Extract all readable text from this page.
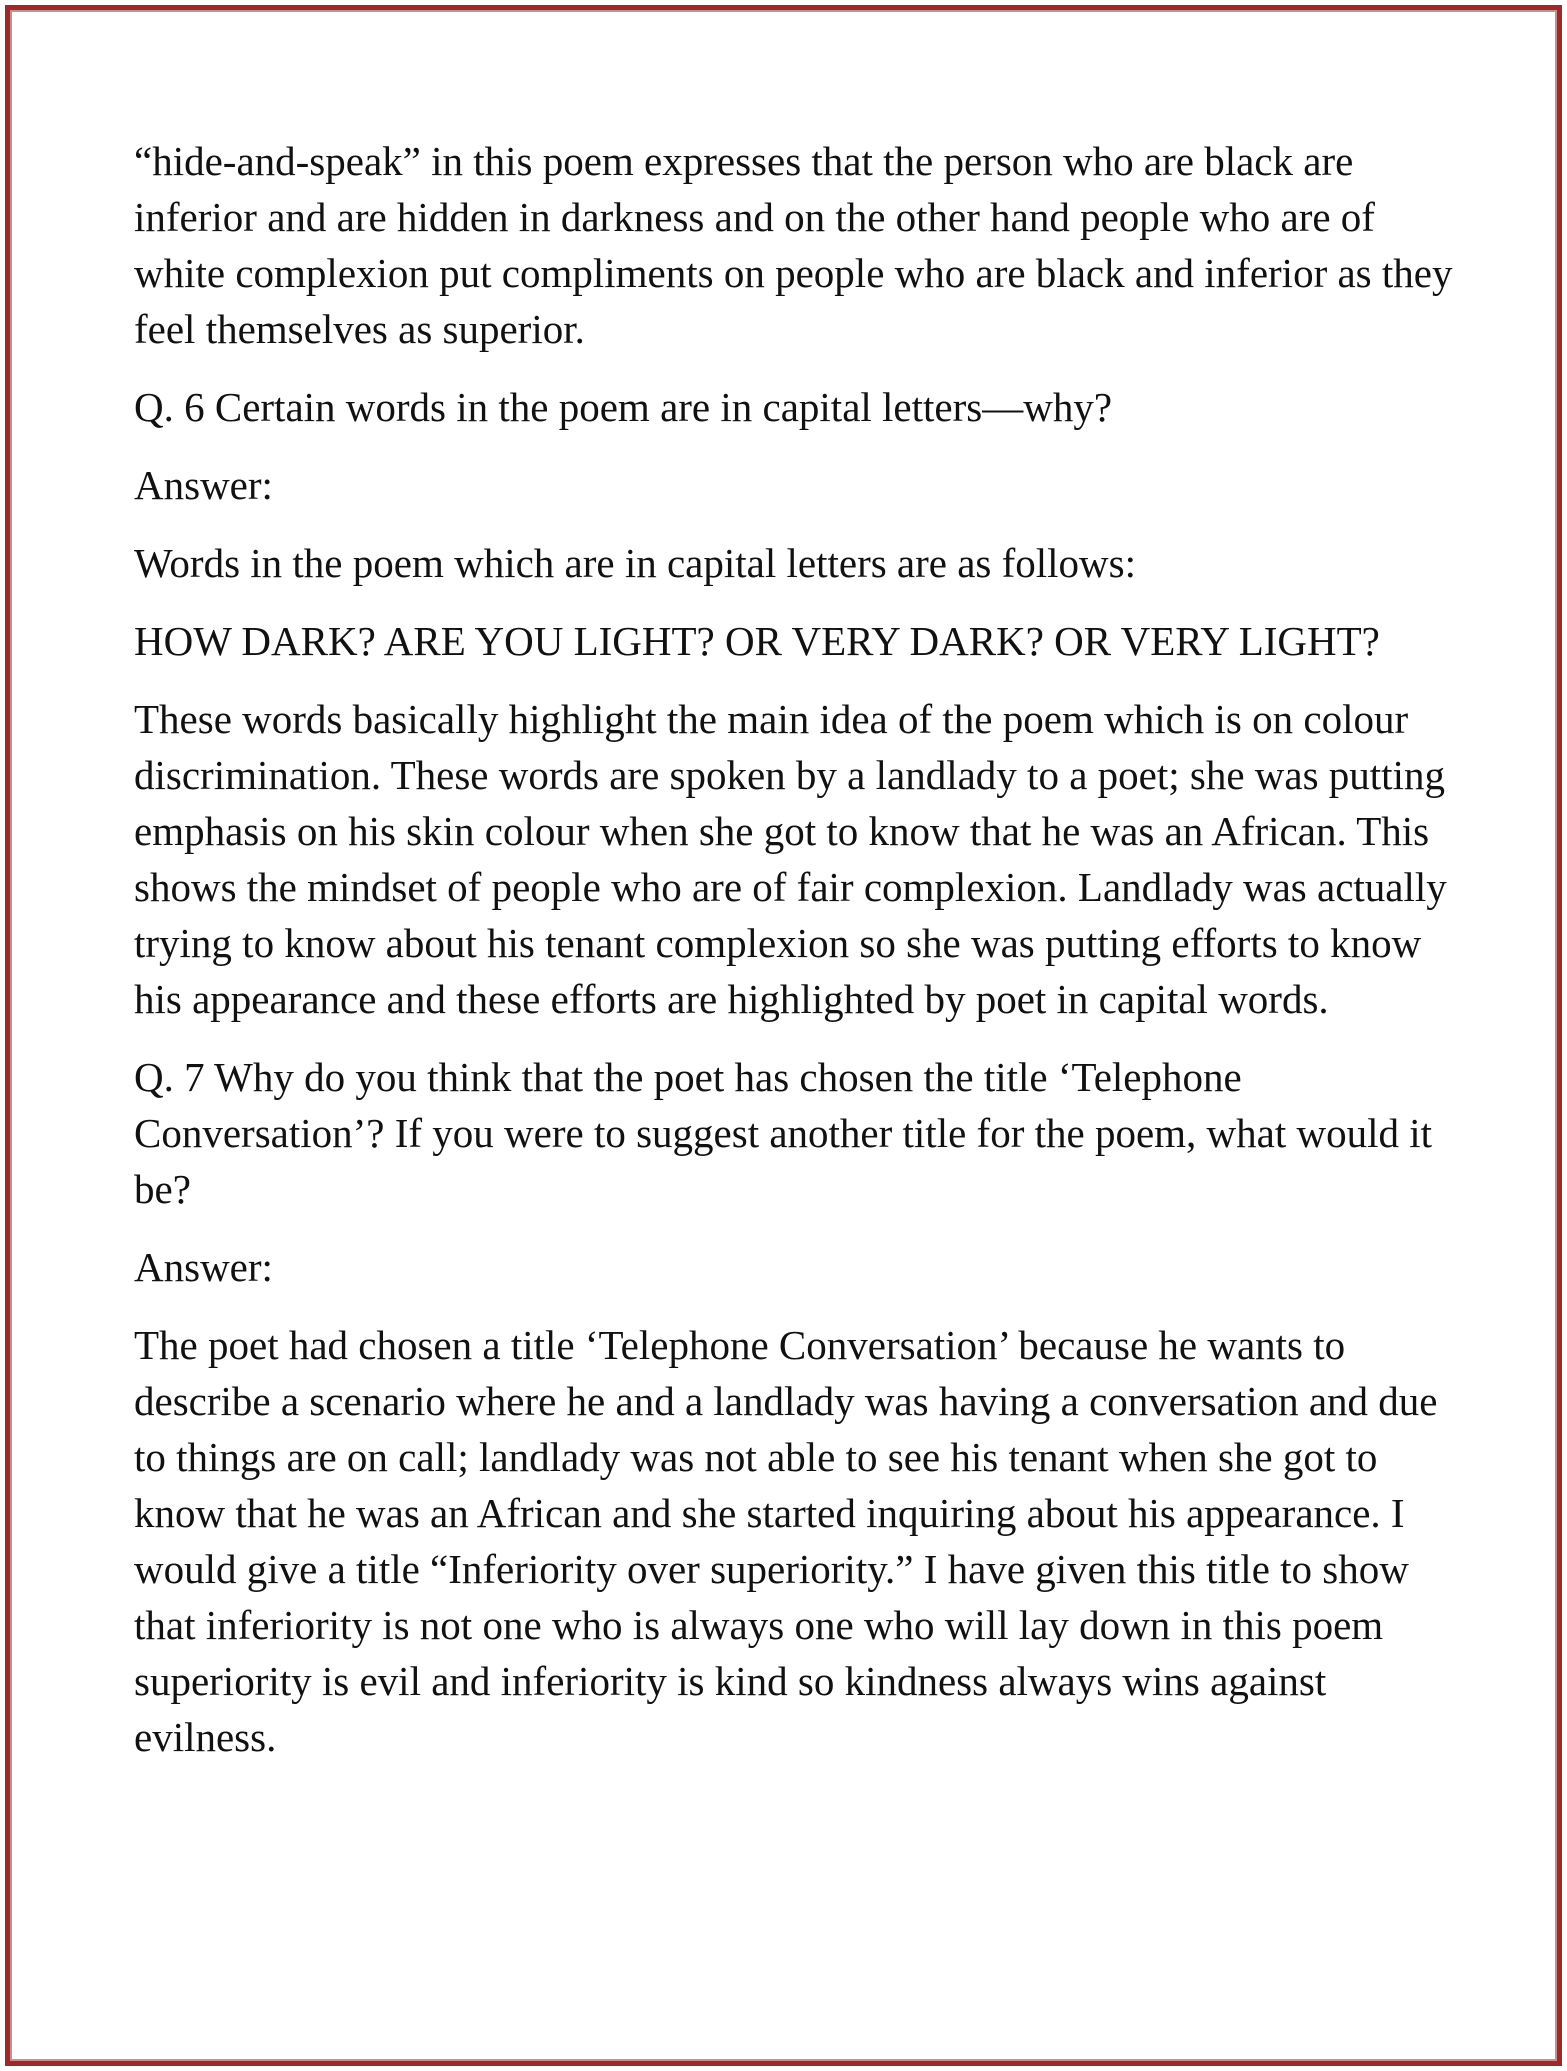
“hide-and-speak” in this poem expresses that the person who are black are inferior and are hidden in darkness and on the other hand people who are of white complexion put compliments on people who are black and inferior as they feel themselves as superior.

Q. 6 Certain words in the poem are in capital letters—why?

Answer:

Words in the poem which are in capital letters are as follows:

HOW DARK? ARE YOU LIGHT? OR VERY DARK? OR VERY LIGHT?

These words basically highlight the main idea of the poem which is on colour discrimination. These words are spoken by a landlady to a poet; she was putting emphasis on his skin colour when she got to know that he was an African. This shows the mindset of people who are of fair complexion. Landlady was actually trying to know about his tenant complexion so she was putting efforts to know his appearance and these efforts are highlighted by poet in capital words.

Q. 7 Why do you think that the poet has chosen the title ‘Telephone Conversation’? If you were to suggest another title for the poem, what would it be?

Answer:

The poet had chosen a title ‘Telephone Conversation’ because he wants to describe a scenario where he and a landlady was having a conversation and due to things are on call; landlady was not able to see his tenant when she got to know that he was an African and she started inquiring about his appearance. I would give a title “Inferiority over superiority.” I have given this title to show that inferiority is not one who is always one who will lay down in this poem superiority is evil and inferiority is kind so kindness always wins against evilness.
